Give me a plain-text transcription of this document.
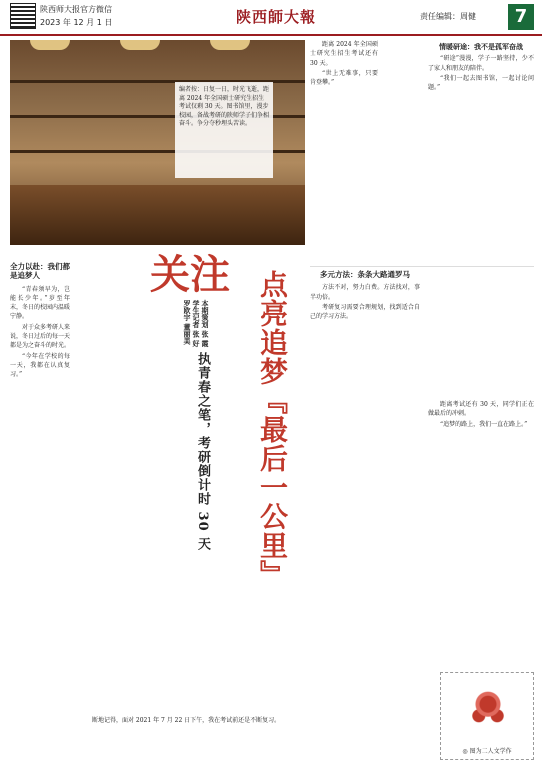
陕西师大报官方微信
2023 年 12 月 1 日	陕西師大報	责任编辑：周健	7
编者按：日复一日，时光飞逝，距离 2024 年全国硕士研究生招生考试仅剩 30 天。图书馆里，漫步校园，备战考研的陕师学子们争相奋斗。争分夺秒埋头苦读。

距离 2024 年全国硕士研究生招生考试还有 30 天。

“世上无难事，只要肯登攀。”

全力以赴：我们都是追梦人

“青春须早为，岂能长少年。”岁至年末，冬日的校园内温暖宁静。

对于众多考研人来说，冬日过后的每一天都是为之奋斗的时光。

“今年在学校的每一天，我都在认真复习。”

关注
本期策划 张 霞
学生记者 张 好
罗欧宇 董丽美	点亮追梦『最后一公里』
执青春之笔，考研倒计时 30 天

断地记得，面对 2021 年 7 月 22 日下午，我在考试前还是不断复习。

多元方法：条条大路通罗马

方法不对，努力白费。方法找对，事半功倍。

考研复习需要合理规划，找到适合自己的学习方法。

情暖研途：我不是孤军奋战

“研途”漫漫，学子一路坚持，少不了家人和朋友的陪伴。

“我们一起去图书馆，一起讨论问题。”

距离考试还有 30 天，同学们正在做最后的冲刺。

“追梦的路上，我们一直在路上。”

◎ 图为二人文学作
